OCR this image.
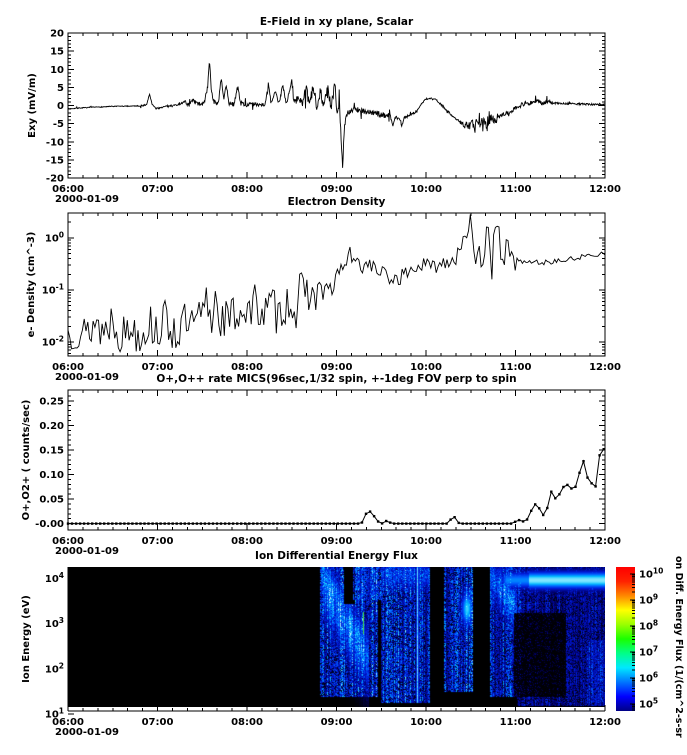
E-Field in xy plane, Scalar
Exy (mV/m)
06:00	07:00	08:00	09:00	10:00	11:00	12:00
2000-01-09
20
15
10
5
0
-5
-10
-15
-20
Electron Density
e- Density (cm^-3)
06:00	07:00	08:00	09:00	10:00	11:00	12:00
2000-01-09
$10^0$
$10^{-1}$
$10^{-2}$
O+,O++ rate MICS(96sec,1/32 spin, +-1deg FOV perp to spin
O+,O2+ ( counts/sec)
06:00	07:00	08:00	09:00	10:00	11:00	12:00
2000-01-09
0.25
0.20
0.15
0.10
0.05
-0.00
Ion Differential Energy Flux
Ion Energy (eV)
06:00	07:00	08:00	09:00	10:00	11:00	12:00
2000-01-09
$10^4$
$10^3$
$10^2$
$10^1$
$10^{10}$
$10^9$
$10^8$
$10^7$
$10^6$
$10^5$ on Diff. Energy Flux (1/(cm^2-s-sr
